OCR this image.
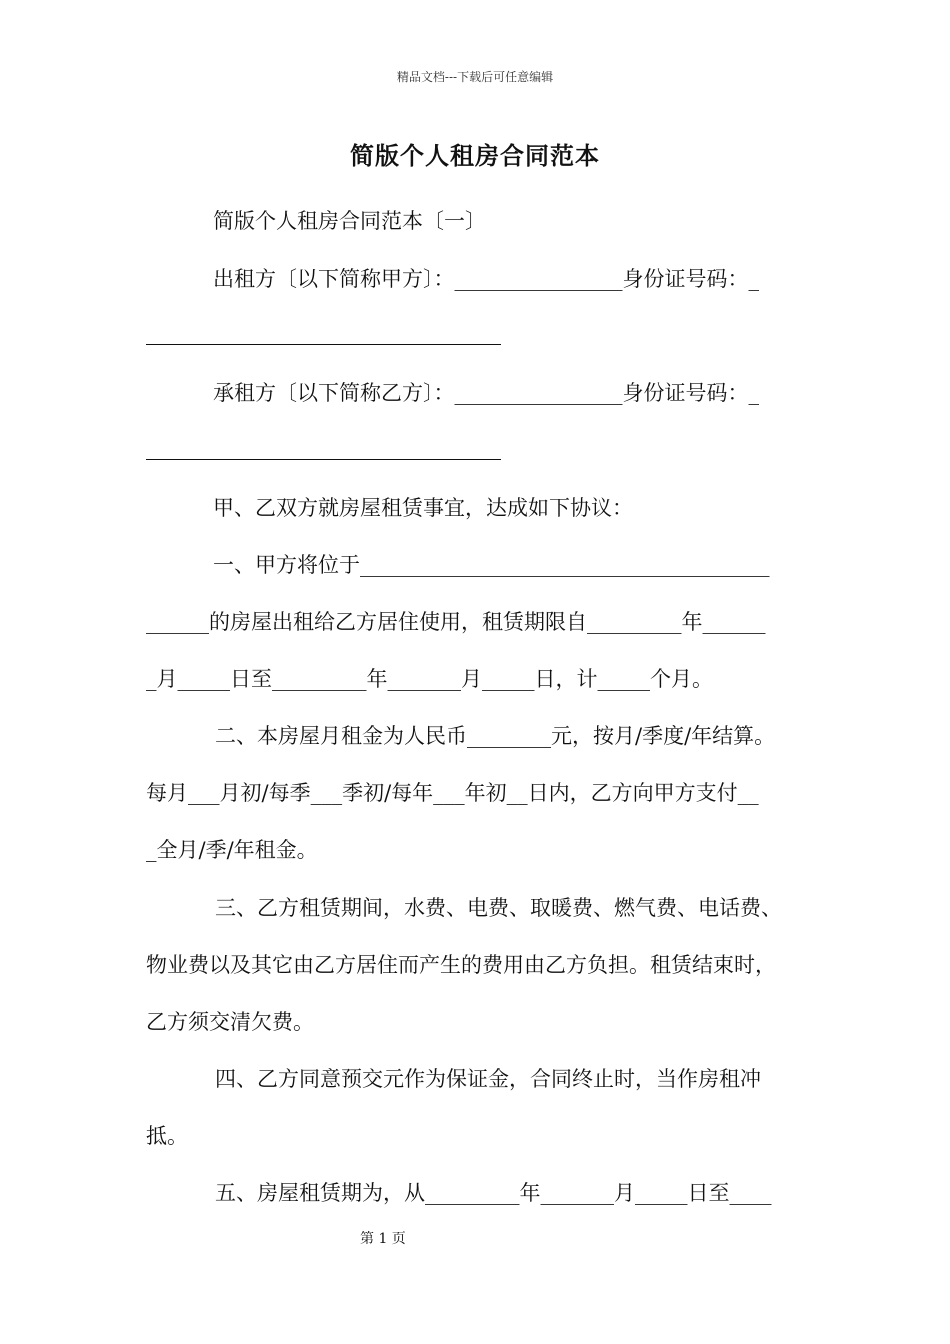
精品文档---下载后可任意编辑
简版个人租房合同范本
简版个人租房合同范本〔一〕
出租方〔以下简称甲方〕：________________身份证号码：_
承租方〔以下简称乙方〕：________________身份证号码：_
甲、乙双方就房屋租赁事宜，达成如下协议：
一、甲方将位于_______________________________________
______的房屋出租给乙方居住使用，租赁期限自_________年______
_月_____日至_________年_______月_____日，计_____个月。
二、本房屋月租金为人民币________元，按月/季度/年结算。
每月___月初/每季___季初/每年___年初__日内，乙方向甲方支付__
_全月/季/年租金。
三、乙方租赁期间，水费、电费、取暖费、燃气费、电话费、
物业费以及其它由乙方居住而产生的费用由乙方负担。租赁结束时，
乙方须交清欠费。
四、乙方同意预交元作为保证金，合同终止时，当作房租冲
抵。
五、房屋租赁期为，从_________年_______月_____日至____
第 1 页
